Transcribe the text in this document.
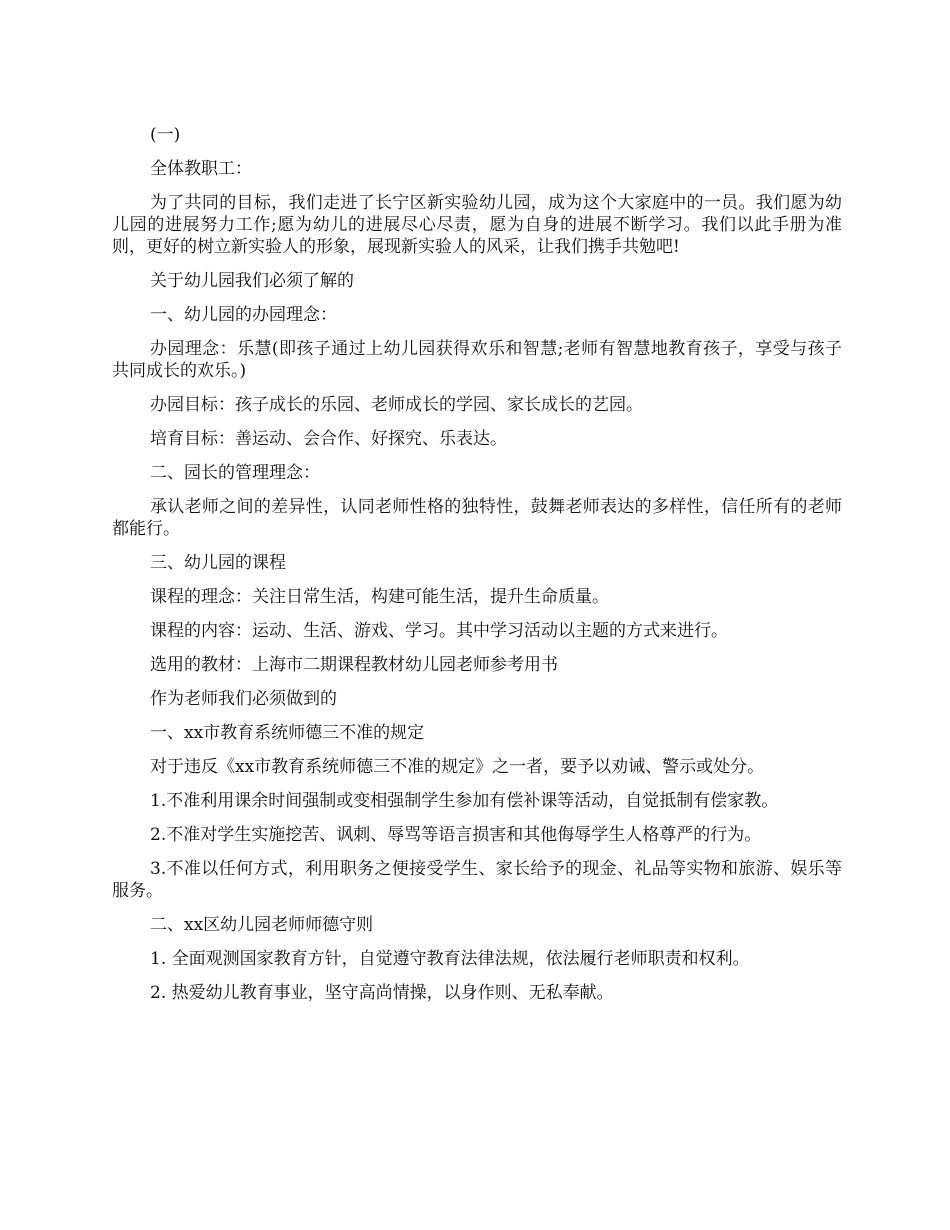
(一)

全体教职工：

为了共同的目标，我们走进了长宁区新实验幼儿园，成为这个大家庭中的一员。我们愿为幼儿园的进展努力工作;愿为幼儿的进展尽心尽责，愿为自身的进展不断学习。我们以此手册为准则，更好的树立新实验人的形象，展现新实验人的风采，让我们携手共勉吧!

关于幼儿园我们必须了解的

一、幼儿园的办园理念：

办园理念：乐慧(即孩子通过上幼儿园获得欢乐和智慧;老师有智慧地教育孩子，享受与孩子共同成长的欢乐。)

办园目标：孩子成长的乐园、老师成长的学园、家长成长的艺园。

培育目标：善运动、会合作、好探究、乐表达。

二、园长的管理理念：

承认老师之间的差异性，认同老师性格的独特性，鼓舞老师表达的多样性，信任所有的老师都能行。

三、幼儿园的课程

课程的理念：关注日常生活，构建可能生活，提升生命质量。

课程的内容：运动、生活、游戏、学习。其中学习活动以主题的方式来进行。

选用的教材：上海市二期课程教材幼儿园老师参考用书

作为老师我们必须做到的

一、xx市教育系统师德三不准的规定

对于违反《xx市教育系统师德三不准的规定》之一者，要予以劝诫、警示或处分。

1.不准利用课余时间强制或变相强制学生参加有偿补课等活动，自觉抵制有偿家教。

2.不准对学生实施挖苦、讽刺、辱骂等语言损害和其他侮辱学生人格尊严的行为。

3.不准以任何方式，利用职务之便接受学生、家长给予的现金、礼品等实物和旅游、娱乐等服务。

二、xx区幼儿园老师师德守则

1. 全面观测国家教育方针，自觉遵守教育法律法规，依法履行老师职责和权利。

2. 热爱幼儿教育事业，坚守高尚情操，以身作则、无私奉献。
